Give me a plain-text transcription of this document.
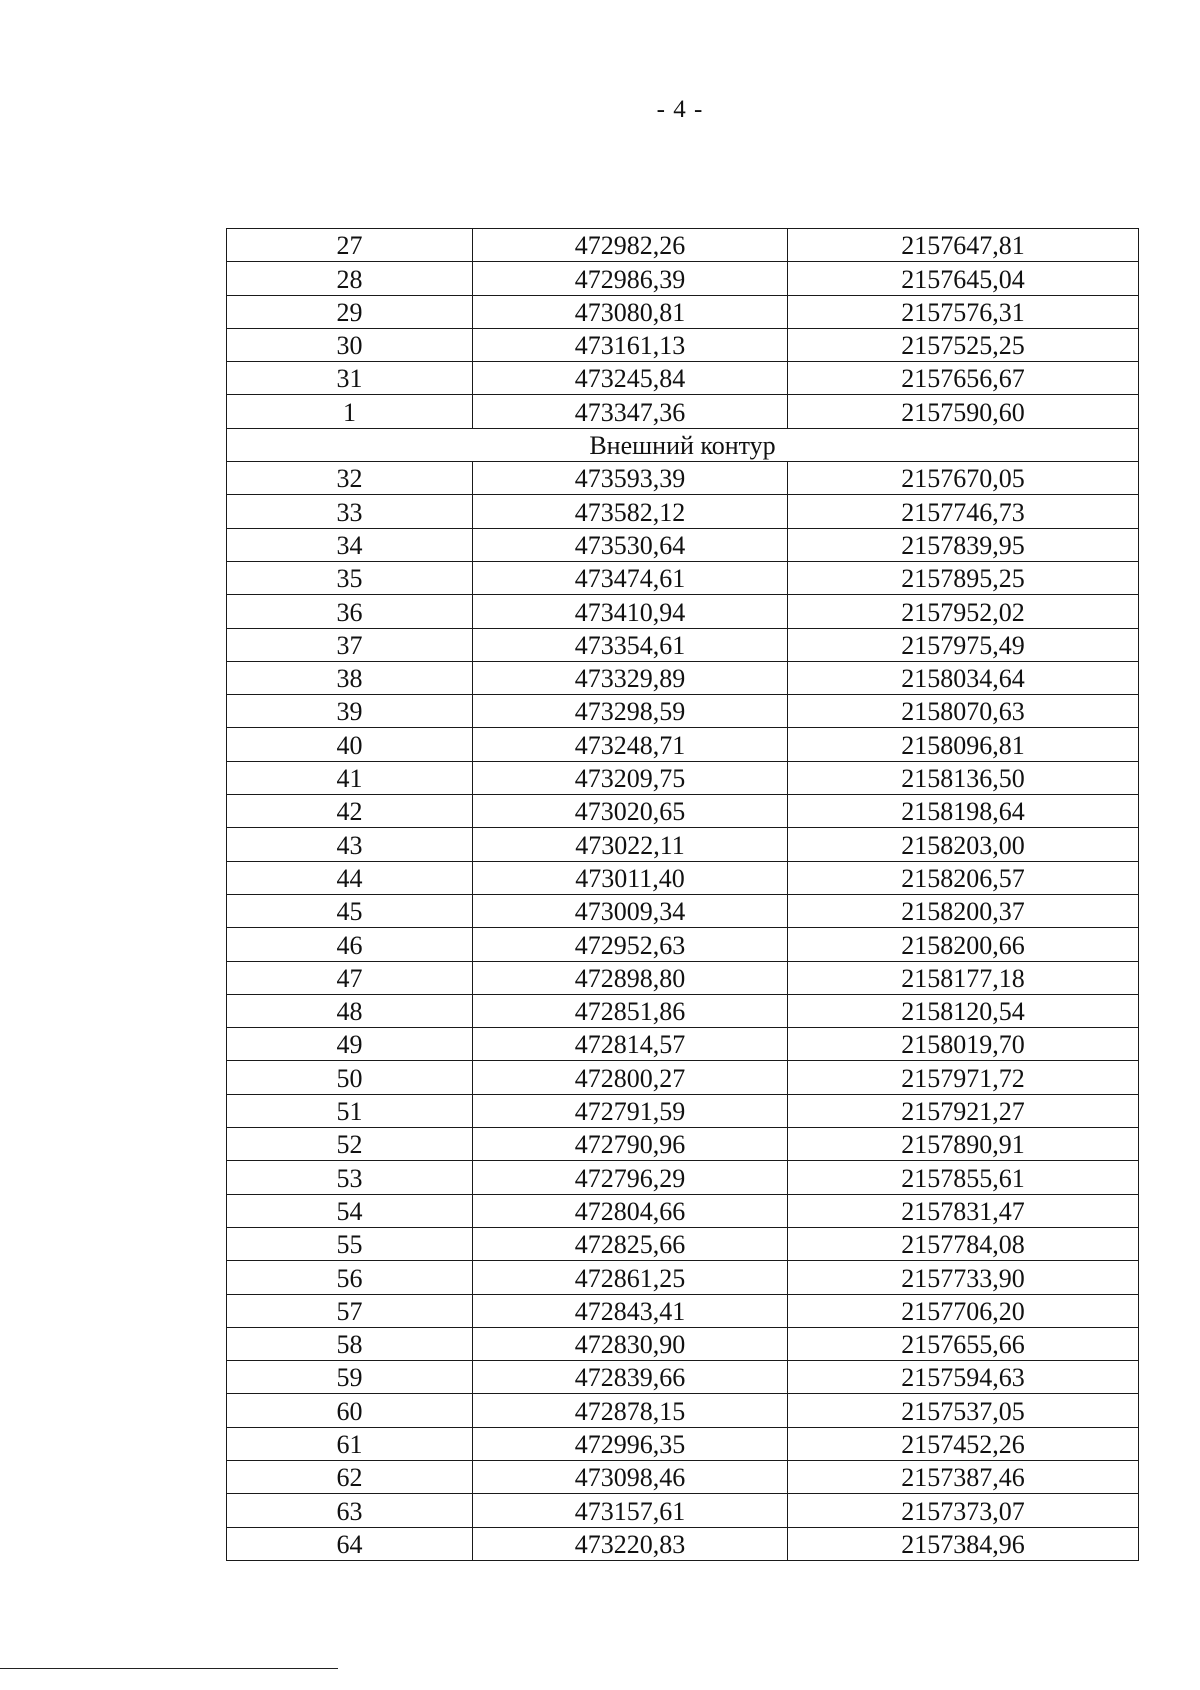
- 4 -
27	472982,26	2157647,81
28	472986,39	2157645,04
29	473080,81	2157576,31
30	473161,13	2157525,25
31	473245,84	2157656,67
1	473347,36	2157590,60
Внешний контур		
32	473593,39	2157670,05
33	473582,12	2157746,73
34	473530,64	2157839,95
35	473474,61	2157895,25
36	473410,94	2157952,02
37	473354,61	2157975,49
38	473329,89	2158034,64
39	473298,59	2158070,63
40	473248,71	2158096,81
41	473209,75	2158136,50
42	473020,65	2158198,64
43	473022,11	2158203,00
44	473011,40	2158206,57
45	473009,34	2158200,37
46	472952,63	2158200,66
47	472898,80	2158177,18
48	472851,86	2158120,54
49	472814,57	2158019,70
50	472800,27	2157971,72
51	472791,59	2157921,27
52	472790,96	2157890,91
53	472796,29	2157855,61
54	472804,66	2157831,47
55	472825,66	2157784,08
56	472861,25	2157733,90
57	472843,41	2157706,20
58	472830,90	2157655,66
59	472839,66	2157594,63
60	472878,15	2157537,05
61	472996,35	2157452,26
62	473098,46	2157387,46
63	473157,61	2157373,07
64	473220,83	2157384,96
